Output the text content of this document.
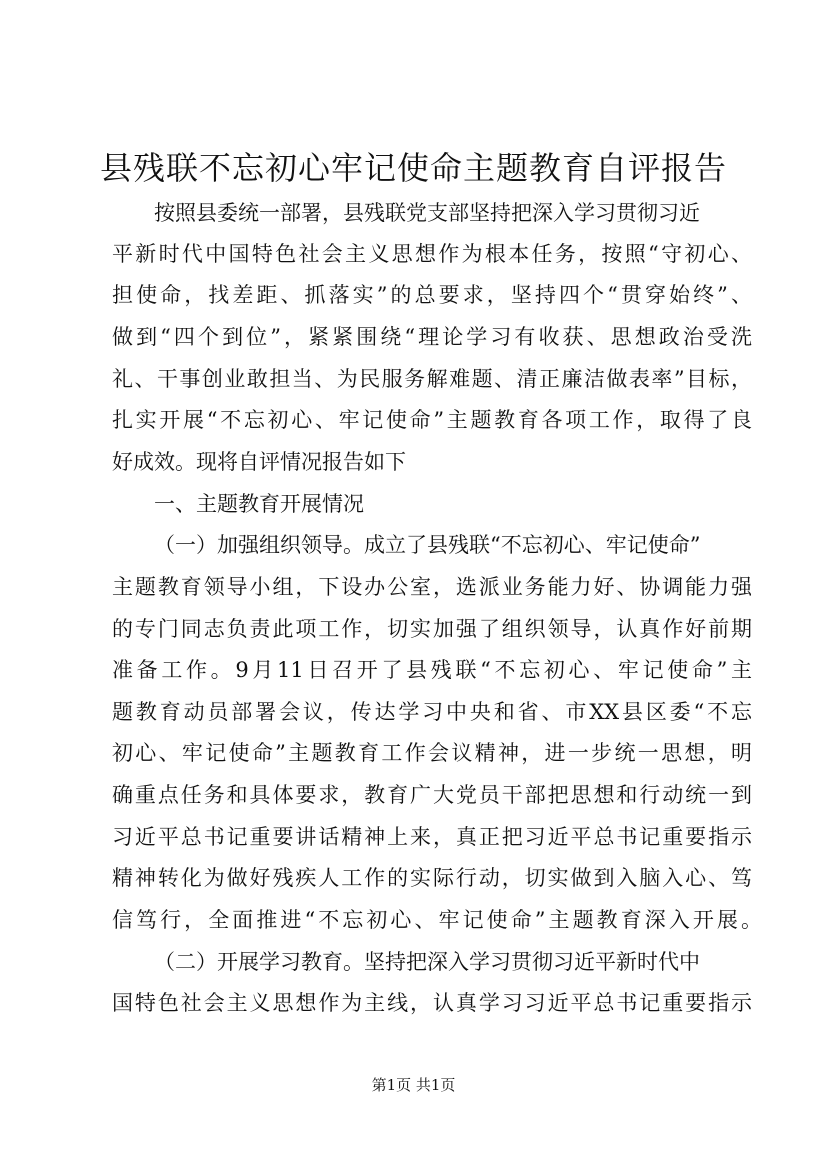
县残联不忘初心牢记使命主题教育自评报告
按照县委统一部署，县残联党支部坚持把深入学习贯彻习近
平新时代中国特色社会主义思想作为根本任务，按照“守初心、
担使命，找差距、抓落实”的总要求，坚持四个“贯穿始终”、
做到“四个到位”，紧紧围绕“理论学习有收获、思想政治受洗
礼、干事创业敢担当、为民服务解难题、清正廉洁做表率”目标，
扎实开展“不忘初心、牢记使命”主题教育各项工作，取得了良
好成效。现将自评情况报告如下
一、主题教育开展情况
（一）加强组织领导。成立了县残联“不忘初心、牢记使命”
主题教育领导小组，下设办公室，选派业务能力好、协调能力强
的专门同志负责此项工作，切实加强了组织领导，认真作好前期
准备工作。9月11日召开了县残联“不忘初心、牢记使命”主
题教育动员部署会议，传达学习中央和省、市XX县区委“不忘
初心、牢记使命”主题教育工作会议精神，进一步统一思想，明
确重点任务和具体要求，教育广大党员干部把思想和行动统一到
习近平总书记重要讲话精神上来，真正把习近平总书记重要指示
精神转化为做好残疾人工作的实际行动，切实做到入脑入心、笃
信笃行，全面推进“不忘初心、牢记使命”主题教育深入开展。
（二）开展学习教育。坚持把深入学习贯彻习近平新时代中
国特色社会主义思想作为主线，认真学习习近平总书记重要指示
第1页 共1页
